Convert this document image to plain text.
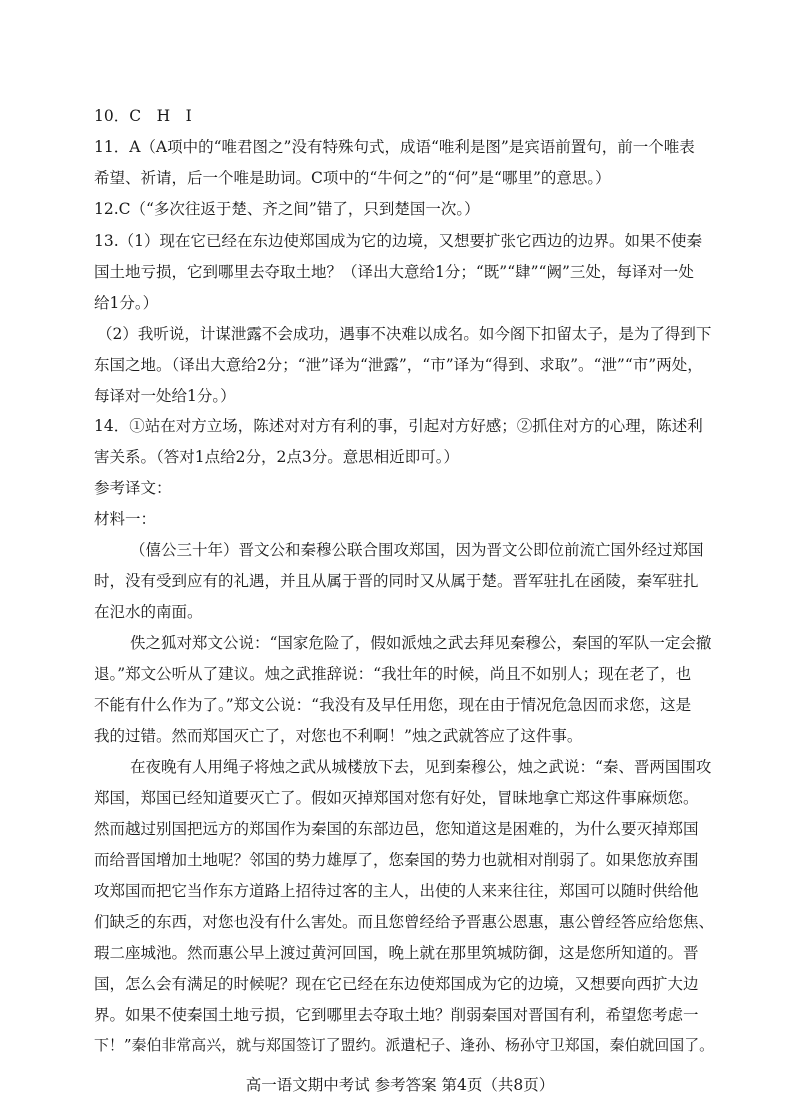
10．C　H　I
11．A（A项中的“唯君图之”没有特殊句式，成语“唯利是图”是宾语前置句，前一个唯表
希望、祈请，后一个唯是助词。C项中的“牛何之”的“何”是“哪里”的意思。）
12.C（“多次往返于楚、齐之间”错了，只到楚国一次。）
13.（1）现在它已经在东边使郑国成为它的边境，又想要扩张它西边的边界。如果不使秦
国土地亏损，它到哪里去夺取土地？（译出大意给1分；“既”“肆”“阙”三处，每译对一处
给1分。）
（2）我听说，计谋泄露不会成功，遇事不决难以成名。如今阁下扣留太子，是为了得到下
东国之地。（译出大意给2分；“泄”译为“泄露”，“市”译为“得到、求取”。“泄”“市”两处，
每译对一处给1分。）
14．①站在对方立场，陈述对对方有利的事，引起对方好感；②抓住对方的心理，陈述利
害关系。（答对1点给2分，2点3分。意思相近即可。）
参考译文：
材料一：
（僖公三十年）晋文公和秦穆公联合围攻郑国，因为晋文公即位前流亡国外经过郑国
时，没有受到应有的礼遇，并且从属于晋的同时又从属于楚。晋军驻扎在函陵，秦军驻扎
在氾水的南面。
佚之狐对郑文公说：“国家危险了，假如派烛之武去拜见秦穆公，秦国的军队一定会撤
退。”郑文公听从了建议。烛之武推辞说：“我壮年的时候，尚且不如别人；现在老了，也
不能有什么作为了。”郑文公说：“我没有及早任用您，现在由于情况危急因而求您，这是
我的过错。然而郑国灭亡了，对您也不利啊！”烛之武就答应了这件事。
在夜晚有人用绳子将烛之武从城楼放下去，见到秦穆公，烛之武说：“秦、晋两国围攻
郑国，郑国已经知道要灭亡了。假如灭掉郑国对您有好处，冒昧地拿亡郑这件事麻烦您。
然而越过别国把远方的郑国作为秦国的东部边邑，您知道这是困难的，为什么要灭掉郑国
而给晋国增加土地呢？邻国的势力雄厚了，您秦国的势力也就相对削弱了。如果您放弃围
攻郑国而把它当作东方道路上招待过客的主人，出使的人来来往往，郑国可以随时供给他
们缺乏的东西，对您也没有什么害处。而且您曾经给予晋惠公恩惠，惠公曾经答应给您焦、
瑕二座城池。然而惠公早上渡过黄河回国，晚上就在那里筑城防御，这是您所知道的。晋
国，怎么会有满足的时候呢？现在它已经在东边使郑国成为它的边境，又想要向西扩大边
界。如果不使秦国土地亏损，它到哪里去夺取土地？削弱秦国对晋国有利，希望您考虑一
下！”秦伯非常高兴，就与郑国签订了盟约。派遣杞子、逢孙、杨孙守卫郑国，秦伯就回国了。
高一语文期中考试 参考答案 第4页（共8页）
